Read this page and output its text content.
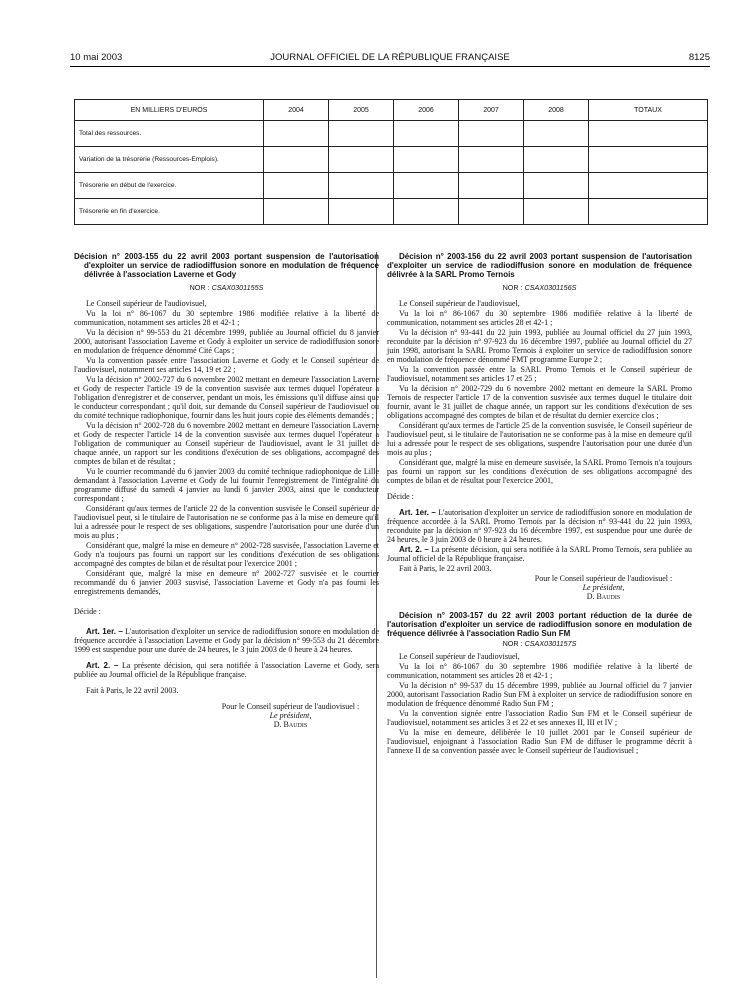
10 mai 2003	JOURNAL OFFICIEL DE LA RÉPUBLIQUE FRANÇAISE	8125
EN MILLIERS D'EUROS	2004	2005	2006	2007	2008	TOTAUX
Total des ressources.						
Variation de la trésorerie (Ressources-Emplois).						
Trésorerie en début de l'exercice.						
Trésorerie en fin d'exercice.						

Décision n° 2003-155 du 22 avril 2003 portant suspension de l'autorisation d'exploiter un service de radiodiffusion sonore en modulation de fréquence délivrée à l'association Laverne et Gody

NOR : CSAX0301155S

Le Conseil supérieur de l'audiovisuel,

Vu la loi n° 86-1067 du 30 septembre 1986 modifiée relative à la liberté de communication, notamment ses articles 28 et 42-1 ;

Vu la décision n° 99-553 du 21 décembre 1999, publiée au Journal officiel du 8 janvier 2000, autorisant l'association Laverne et Gody à exploiter un service de radiodiffusion sonore en modulation de fréquence dénommé Cité Caps ;

Vu la convention passée entre l'association Laverne et Gody et le Conseil supérieur de l'audiovisuel, notamment ses articles 14, 19 et 22 ;

Vu la décision n° 2002-727 du 6 novembre 2002 mettant en demeure l'association Laverne et Gody de respecter l'article 19 de la convention susvisée aux termes duquel l'opérateur a l'obligation d'enregistrer et de conserver, pendant un mois, les émissions qu'il diffuse ainsi que le conducteur correspondant ; qu'il doit, sur demande du Conseil supérieur de l'audiovisuel ou du comité technique radiophonique, fournir dans les huit jours copie des éléments demandés ;

Vu la décision n° 2002-728 du 6 novembre 2002 mettant en demeure l'association Laverne et Gody de respecter l'article 14 de la convention susvisée aux termes duquel l'opérateur a l'obligation de communiquer au Conseil supérieur de l'audiovisuel, avant le 31 juillet de chaque année, un rapport sur les conditions d'exécution de ses obligations, accompagné des comptes de bilan et de résultat ;

Vu le courrier recommandé du 6 janvier 2003 du comité technique radiophonique de Lille demandant à l'association Laverne et Gody de lui fournir l'enregistrement de l'intégralité du programme diffusé du samedi 4 janvier au lundi 6 janvier 2003, ainsi que le conducteur correspondant ;

Considérant qu'aux termes de l'article 22 de la convention susvisée le Conseil supérieur de l'audiovisuel peut, si le titulaire de l'autorisation ne se conforme pas à la mise en demeure qu'il lui a adressée pour le respect de ses obligations, suspendre l'autorisation pour une durée d'un mois au plus ;

Considérant que, malgré la mise en demeure n° 2002-728 susvisée, l'association Laverne et Gody n'a toujours pas fourni un rapport sur les conditions d'exécution de ses obligations accompagné des comptes de bilan et de résultat pour l'exercice 2001 ;

Considérant que, malgré la mise en demeure n° 2002-727 susvisée et le courrier recommandé du 6 janvier 2003 susvisé, l'association Laverne et Gody n'a pas fourni les enregistrements demandés,

Décide :

Art. 1er. – L'autorisation d'exploiter un service de radiodiffusion sonore en modulation de fréquence accordée à l'association Laverne et Gody par la décision n° 99-553 du 21 décembre 1999 est suspendue pour une durée de 24 heures, le 3 juin 2003 de 0 heure à 24 heures.

Art. 2. – La présente décision, qui sera notifiée à l'association Laverne et Gody, sera publiée au Journal officiel de la République française.

Fait à Paris, le 22 avril 2003.

Pour le Conseil supérieur de l'audiovisuel :
Le président,
D. Baudis

Décision n° 2003-156 du 22 avril 2003 portant suspension de l'autorisation d'exploiter un service de radiodiffusion sonore en modulation de fréquence délivrée à la SARL Promo Ternois

NOR : CSAX0301156S

Le Conseil supérieur de l'audiovisuel,

Vu la loi n° 86-1067 du 30 septembre 1986 modifiée relative à la liberté de communication, notamment ses articles 28 et 42-1 ;

Vu la décision n° 93-441 du 22 juin 1993, publiée au Journal officiel du 27 juin 1993, reconduite par la décision n° 97-923 du 16 décembre 1997, publiée au Journal officiel du 27 juin 1998, autorisant la SARL Promo Ternois à exploiter un service de radiodiffusion sonore en modulation de fréquence dénommé FMT programme Europe 2 ;

Vu la convention passée entre la SARL Promo Ternois et le Conseil supérieur de l'audiovisuel, notamment ses articles 17 et 25 ;

Vu la décision n° 2002-729 du 6 novembre 2002 mettant en demeure la SARL Promo Ternois de respecter l'article 17 de la convention susvisée aux termes duquel le titulaire doit fournir, avant le 31 juillet de chaque année, un rapport sur les conditions d'exécution de ses obligations accompagné des comptes de bilan et de résultat du dernier exercice clos ;

Considérant qu'aux termes de l'article 25 de la convention susvisée, le Conseil supérieur de l'audiovisuel peut, si le titulaire de l'autorisation ne se conforme pas à la mise en demeure qu'il lui a adressée pour le respect de ses obligations, suspendre l'autorisation pour une durée d'un mois au plus ;

Considérant que, malgré la mise en demeure susvisée, la SARL Promo Ternois n'a toujours pas fourni un rapport sur les conditions d'exécution de ses obligations accompagné des comptes de bilan et de résultat pour l'exercice 2001,

Décide :

Art. 1er. – L'autorisation d'exploiter un service de radiodiffusion sonore en modulation de fréquence accordée à la SARL Promo Ternois par la décision n° 93-441 du 22 juin 1993, reconduite par la décision n° 97-923 du 16 décembre 1997, est suspendue pour une durée de 24 heures, le 3 juin 2003 de 0 heure à 24 heures.

Art. 2. – La présente décision, qui sera notifiée à la SARL Promo Ternois, sera publiée au Journal officiel de la République française.

Fait à Paris, le 22 avril 2003.

Pour le Conseil supérieur de l'audiovisuel :
Le président,
D. Baudis

Décision n° 2003-157 du 22 avril 2003 portant réduction de la durée de l'autorisation d'exploiter un service de radiodiffusion sonore en modulation de fréquence délivrée à l'association Radio Sun FM

NOR : CSAX0301157S

Le Conseil supérieur de l'audiovisuel,

Vu la loi n° 86-1067 du 30 septembre 1986 modifiée relative à la liberté de communication, notamment ses articles 28 et 42-1 ;

Vu la décision n° 99-537 du 15 décembre 1999, publiée au Journal officiel du 7 janvier 2000, autorisant l'association Radio Sun FM à exploiter un service de radiodiffusion sonore en modulation de fréquence dénommé Radio Sun FM ;

Vu la convention signée entre l'association Radio Sun FM et le Conseil supérieur de l'audiovisuel, notamment ses articles 3 et 22 et ses annexes II, III et IV ;

Vu la mise en demeure, délibérée le 10 juillet 2001 par le Conseil supérieur de l'audiovisuel, enjoignant à l'association Radio Sun FM de diffuser le programme décrit à l'annexe II de sa convention passée avec le Conseil supérieur de l'audiovisuel ;
